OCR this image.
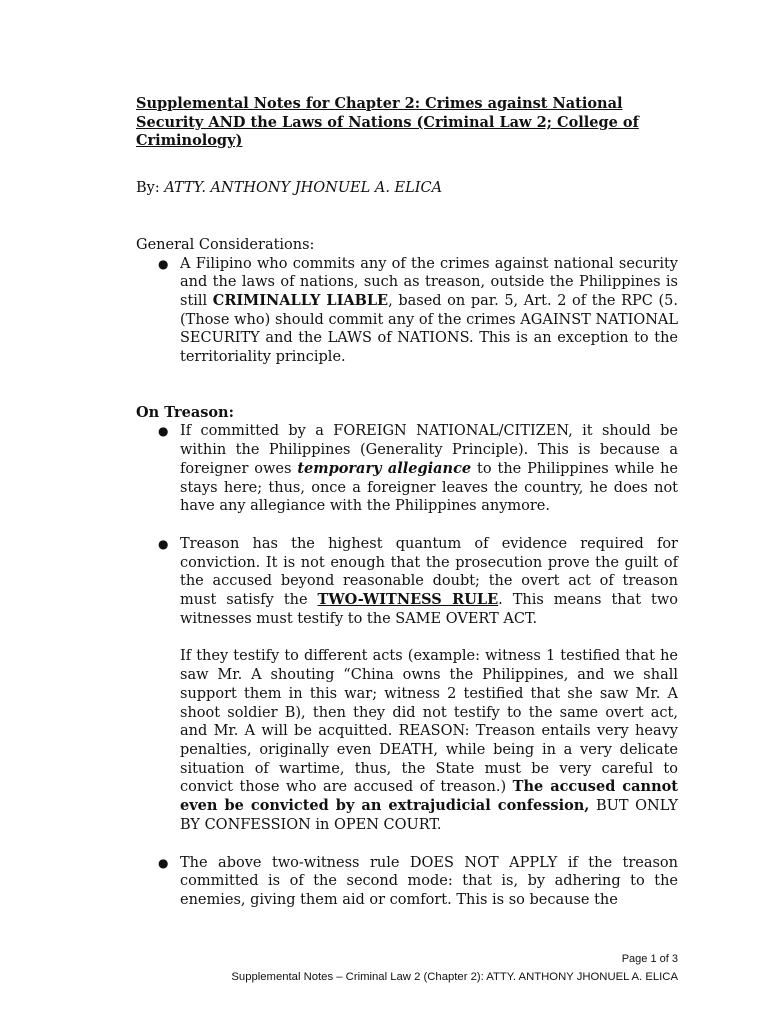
Supplemental Notes for Chapter 2: Crimes against National Security AND the Laws of Nations (Criminal Law 2; College of Criminology)

By: ATTY. ANTHONY JHONUEL A. ELICA

General Considerations:

● A Filipino who commits any of the crimes against national security and the laws of nations, such as treason, outside the Philippines is still CRIMINALLY LIABLE, based on par. 5, Art. 2 of the RPC (5. (Those who) should commit any of the crimes AGAINST NATIONAL SECURITY and the LAWS of NATIONS. This is an exception to the territoriality principle.

On Treason:

● If committed by a FOREIGN NATIONAL/CITIZEN, it should be within the Philippines (Generality Principle). This is because a foreigner owes temporary allegiance to the Philippines while he stays here; thus, once a foreigner leaves the country, he does not have any allegiance with the Philippines anymore.
● Treason has the highest quantum of evidence required for conviction. It is not enough that the prosecution prove the guilt of the accused beyond reasonable doubt; the overt act of treason must satisfy the TWO-WITNESS RULE. This means that two witnesses must testify to the SAME OVERT ACT.
If they testify to different acts (example: witness 1 testified that he saw Mr. A shouting “China owns the Philippines, and we shall support them in this war; witness 2 testified that she saw Mr. A shoot soldier B), then they did not testify to the same overt act, and Mr. A will be acquitted. REASON: Treason entails very heavy penalties, originally even DEATH, while being in a very delicate situation of wartime, thus, the State must be very careful to convict those who are accused of treason.) The accused cannot even be convicted by an extrajudicial confession, BUT ONLY BY CONFESSION in OPEN COURT.
● The above two-witness rule DOES NOT APPLY if the treason committed is of the second mode: that is, by adhering to the enemies, giving them aid or comfort. This is so because the
Page 1 of 3
Supplemental Notes – Criminal Law 2 (Chapter 2): ATTY. ANTHONY JHONUEL A. ELICA
